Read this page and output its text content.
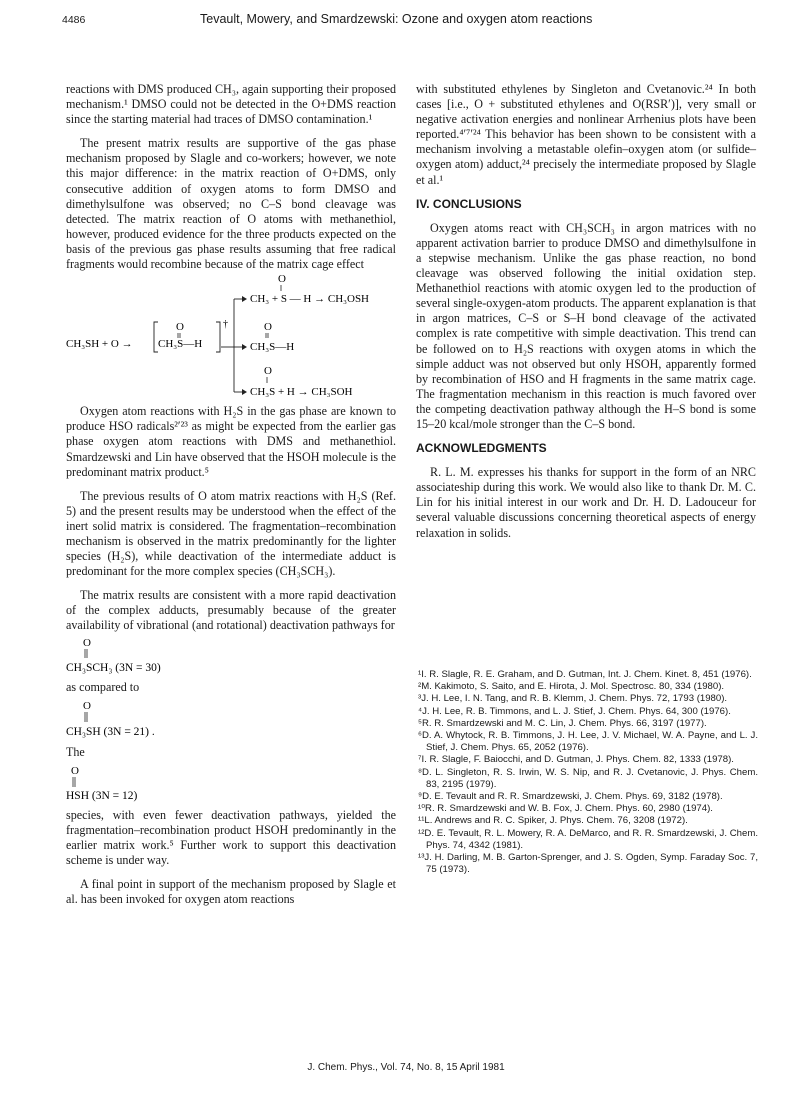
4486	Tevault, Mowery, and Smardzewski: Ozone and oxygen atom reactions

reactions with DMS produced CH₃, again supporting their proposed mechanism.¹ DMSO could not be detected in the O+DMS reaction since the starting material had traces of DMSO contamination.¹

The present matrix results are supportive of the gas phase mechanism proposed by Slagle and co-workers; however, we note this major difference: in the matrix reaction of O+DMS, only consecutive addition of oxygen atoms to form DMSO and dimethylsulfone was observed; no C–S bond cleavage was detected. The matrix reaction of O atoms with methanethiol, however, produced evidence for the three products expected on the basis of the previous gas phase results assuming that free radical fragments would recombine because of the matrix cage effect

CH₃SH + O →
O
CH₃S—H
†
O
CH₃ + S — H → CH₃OSH
O
CH₃S—H
O
CH₃S + H → CH₃SOH

Oxygen atom reactions with H₂S in the gas phase are known to produce HSO radicals²ʹ²³ as might be expected from the earlier gas phase oxygen atom reactions with DMS and methanethiol. Smardzewski and Lin have observed that the HSOH molecule is the predominant matrix product.⁵

The previous results of O atom matrix reactions with H₂S (Ref. 5) and the present results may be understood when the effect of the inert solid matrix is considered. The fragmentation–recombination mechanism is observed in the matrix predominantly for the lighter species (H₂S), while deactivation of the intermediate adduct is predominant for the more complex species (CH₃SCH₃).

The matrix results are consistent with a more rapid deactivation of the complex adducts, presumably because of the greater availability of vibrational (and rotational) deactivation pathways for

O
CH₃SCH₃ (3N = 30)

as compared to

O
CH₃SH (3N = 21) .

The

O
HSH (3N = 12)

species, with even fewer deactivation pathways, yielded the fragmentation–recombination product HSOH predominantly in the earlier matrix work.⁵ Further work to support this deactivation scheme is under way.

A final point in support of the mechanism proposed by Slagle et al. has been invoked for oxygen atom reactions

with substituted ethylenes by Singleton and Cvetanovic.²⁴ In both cases [i.e., O + substituted ethylenes and O(RSR′)], very small or negative activation energies and nonlinear Arrhenius plots have been reported.⁴ʹ⁷ʹ²⁴ This behavior has been shown to be consistent with a mechanism involving a metastable olefin–oxygen atom (or sulfide–oxygen atom) adduct,²⁴ precisely the intermediate proposed by Slagle et al.¹

IV. CONCLUSIONS

Oxygen atoms react with CH₃SCH₃ in argon matrices with no apparent activation barrier to produce DMSO and dimethylsulfone in a stepwise mechanism. Unlike the gas phase reaction, no bond cleavage was observed following the initial oxidation step. Methanethiol reactions with atomic oxygen led to the production of several single-oxygen-atom products. The apparent explanation is that in argon matrices, C–S or S–H bond cleavage of the activated complex is rate competitive with simple deactivation. This trend can be followed on to H₂S reactions with oxygen atoms in which the simple adduct was not observed but only HSOH, apparently formed by recombination of HSO and H fragments in the same matrix cage. The fragmentation mechanism in this reaction is much favored over the competing deactivation pathway although the H–S bond is some 15–20 kcal/mole stronger than the C–S bond.

ACKNOWLEDGMENTS

R. L. M. expresses his thanks for support in the form of an NRC associateship during this work. We would also like to thank Dr. M. C. Lin for his initial interest in our work and Dr. H. D. Ladouceur for several valuable discussions concerning theoretical aspects of energy relaxation in solids.

¹I. R. Slagle, R. E. Graham, and D. Gutman, Int. J. Chem. Kinet. 8, 451 (1976).

²M. Kakimoto, S. Saito, and E. Hirota, J. Mol. Spectrosc. 80, 334 (1980).

³J. H. Lee, I. N. Tang, and R. B. Klemm, J. Chem. Phys. 72, 1793 (1980).

⁴J. H. Lee, R. B. Timmons, and L. J. Stief, J. Chem. Phys. 64, 300 (1976).

⁵R. R. Smardzewski and M. C. Lin, J. Chem. Phys. 66, 3197 (1977).

⁶D. A. Whytock, R. B. Timmons, J. H. Lee, J. V. Michael, W. A. Payne, and L. J. Stief, J. Chem. Phys. 65, 2052 (1976).

⁷I. R. Slagle, F. Baiocchi, and D. Gutman, J. Phys. Chem. 82, 1333 (1978).

⁸D. L. Singleton, R. S. Irwin, W. S. Nip, and R. J. Cvetanovic, J. Phys. Chem. 83, 2195 (1979).

⁹D. E. Tevault and R. R. Smardzewski, J. Chem. Phys. 69, 3182 (1978).

¹⁰R. R. Smardzewski and W. B. Fox, J. Chem. Phys. 60, 2980 (1974).

¹¹L. Andrews and R. C. Spiker, J. Phys. Chem. 76, 3208 (1972).

¹²D. E. Tevault, R. L. Mowery, R. A. DeMarco, and R. R. Smardzewski, J. Chem. Phys. 74, 4342 (1981).

¹³J. H. Darling, M. B. Garton-Sprenger, and J. S. Ogden, Symp. Faraday Soc. 7, 75 (1973).

J. Chem. Phys., Vol. 74, No. 8, 15 April 1981
